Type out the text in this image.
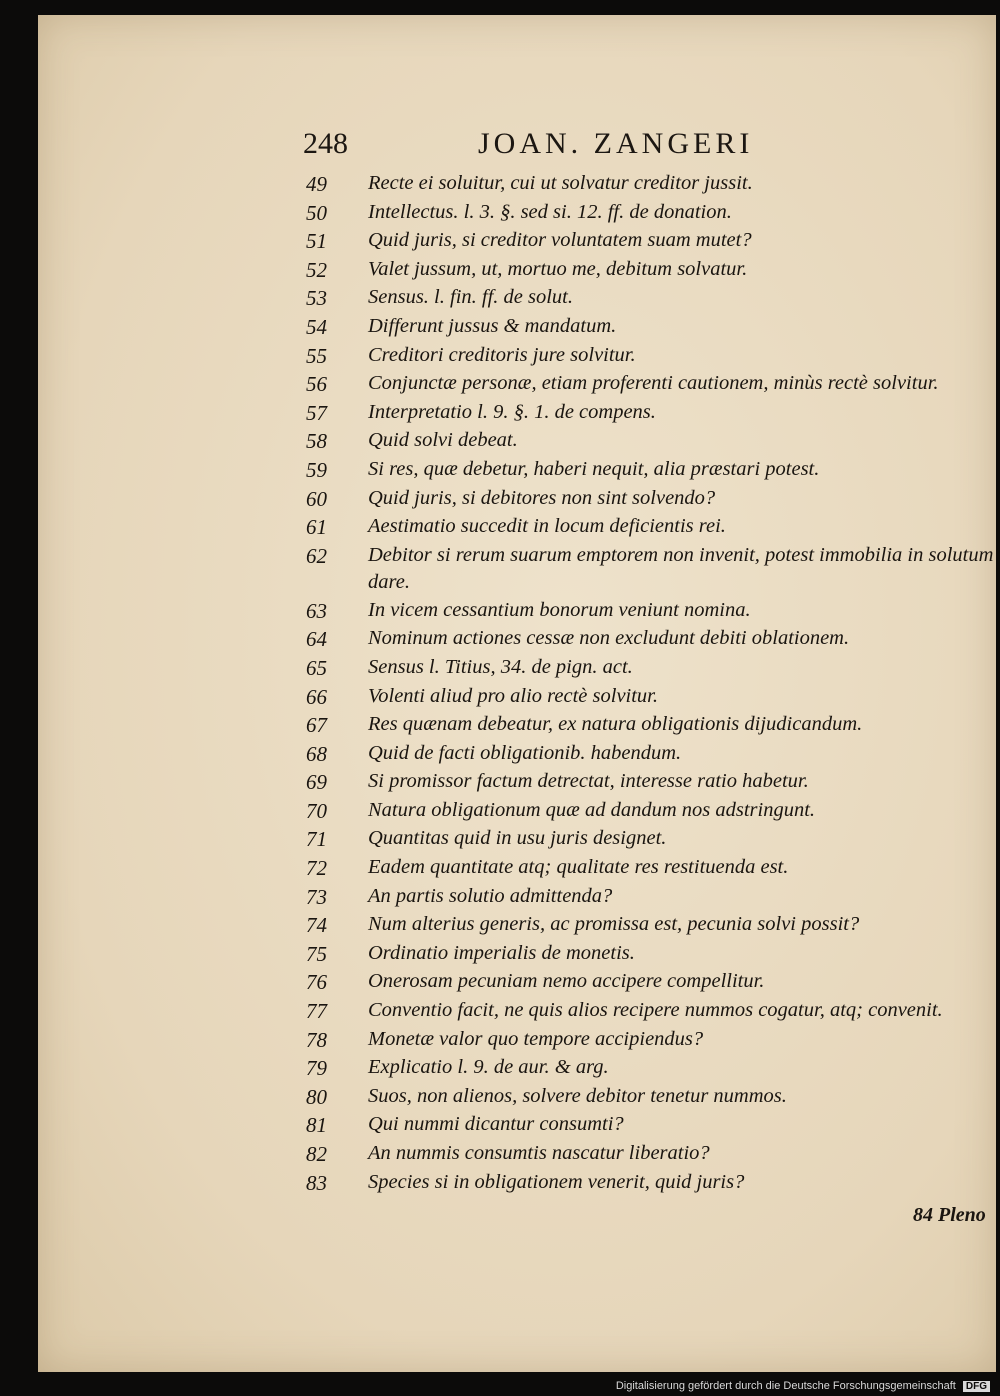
248	JOAN. ZANGERI
49	Recte ei soluitur, cui ut solvatur creditor jussit.
50	Intellectus. l. 3. §. sed si. 12. ff. de donation.
51	Quid juris, si creditor voluntatem suam mutet?
52	Valet jussum, ut, mortuo me, debitum solvatur.
53	Sensus. l. fin. ff. de solut.
54	Differunt jussus & mandatum.
55	Creditori creditoris jure solvitur.
56	Conjunctæ personæ, etiam proferenti cautionem, minùs rectè solvitur.
57	Interpretatio l. 9. §. 1. de compens.
58	Quid solvi debeat.
59	Si res, quæ debetur, haberi nequit, alia præstari potest.
60	Quid juris, si debitores non sint solvendo?
61	Aestimatio succedit in locum deficientis rei.
62	Debitor si rerum suarum emptorem non invenit, potest immobilia in solutum dare.
63	In vicem cessantium bonorum veniunt nomina.
64	Nominum actiones cessæ non excludunt debiti oblationem.
65	Sensus l. Titius, 34. de pign. act.
66	Volenti aliud pro alio rectè solvitur.
67	Res quænam debeatur, ex natura obligationis dijudicandum.
68	Quid de facti obligationib. habendum.
69	Si promissor factum detrectat, interesse ratio habetur.
70	Natura obligationum quæ ad dandum nos adstringunt.
71	Quantitas quid in usu juris designet.
72	Eadem quantitate atq; qualitate res restituenda est.
73	An partis solutio admittenda?
74	Num alterius generis, ac promissa est, pecunia solvi possit?
75	Ordinatio imperialis de monetis.
76	Onerosam pecuniam nemo accipere compellitur.
77	Conventio facit, ne quis alios recipere nummos cogatur, atq; convenit.
78	Monetæ valor quo tempore accipiendus?
79	Explicatio l. 9. de aur. & arg.
80	Suos, non alienos, solvere debitor tenetur nummos.
81	Qui nummi dicantur consumti?
82	An nummis consumtis nascatur liberatio?
83	Species si in obligationem venerit, quid juris?
84 Pleno
Digitalisierung gefördert durch die Deutsche Forschungsgemeinschaft DFG
